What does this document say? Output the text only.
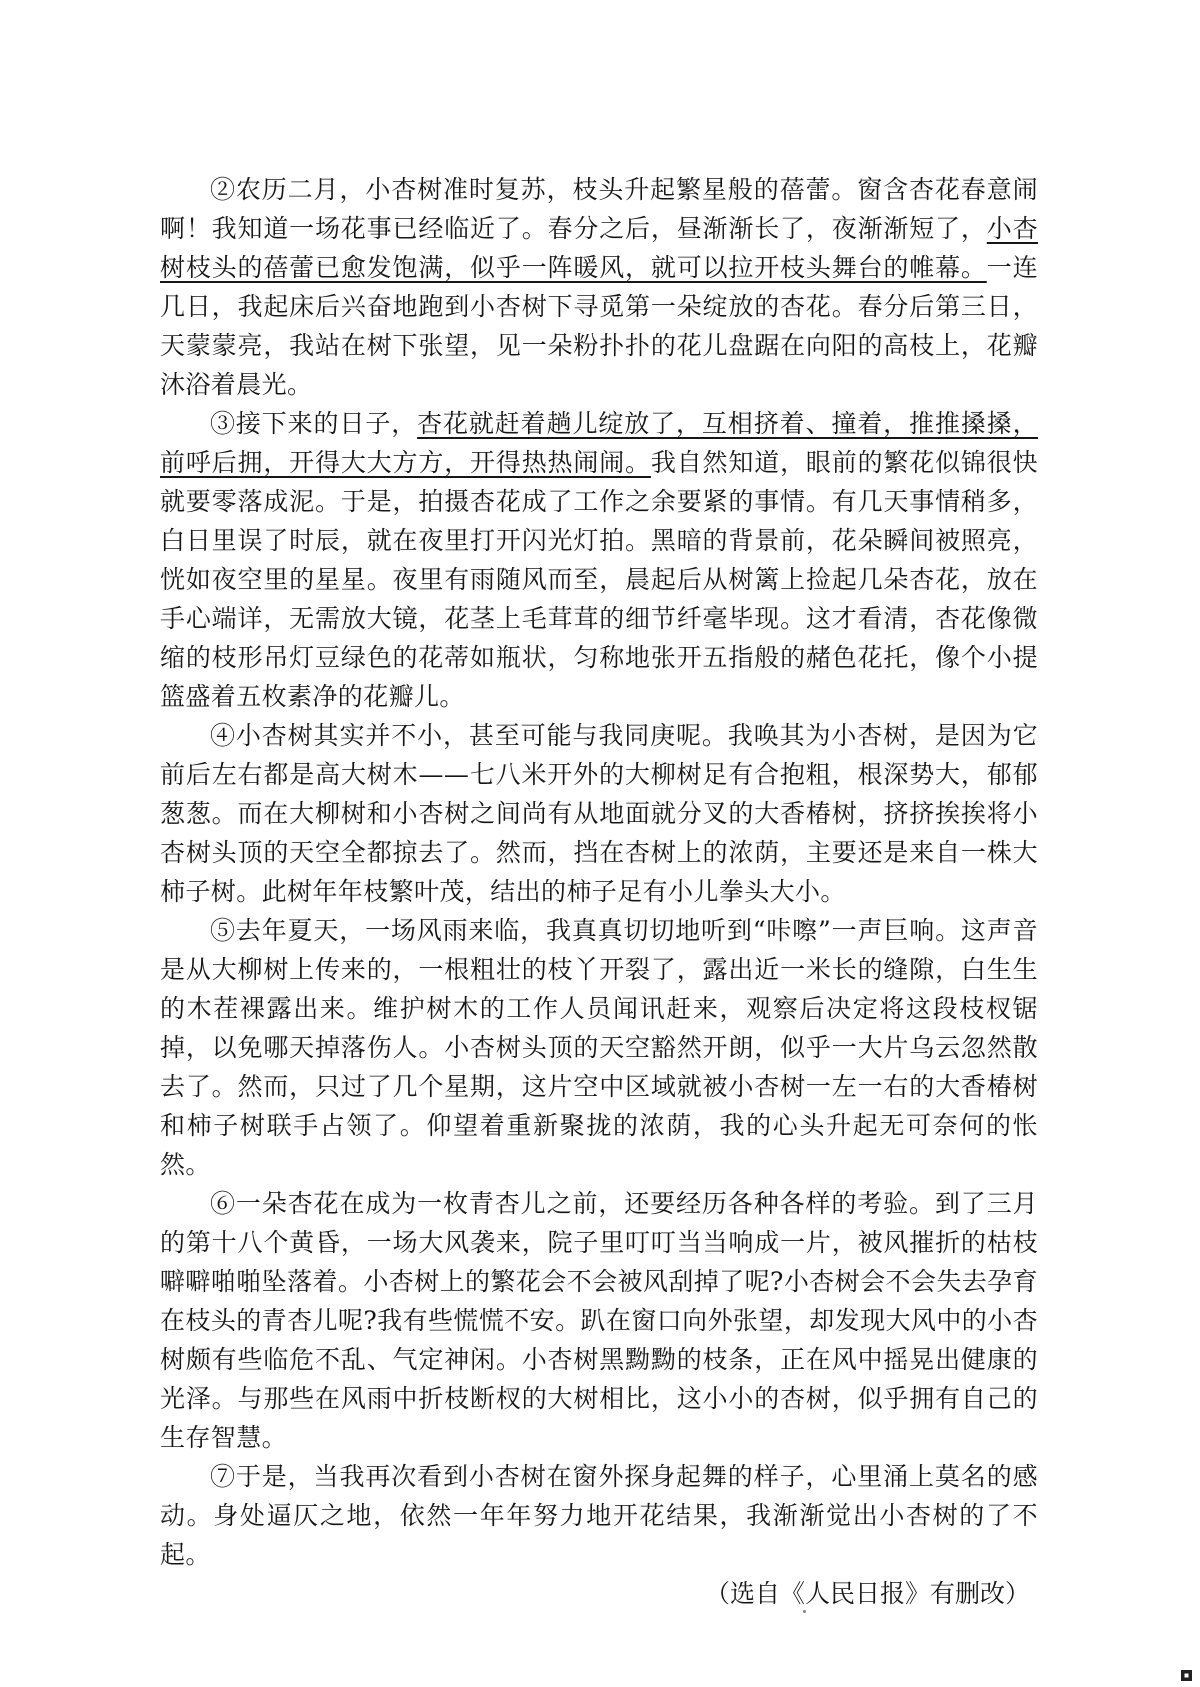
②农历二月，小杏树准时复苏，枝头升起繁星般的蓓蕾。窗含杏花春意闹啊！我知道一场花事已经临近了。春分之后，昼渐渐长了，夜渐渐短了，小杏树枝头的蓓蕾已愈发饱满，似乎一阵暖风，就可以拉开枝头舞台的帷幕。一连几日，我起床后兴奋地跑到小杏树下寻觅第一朵绽放的杏花。春分后第三日，天蒙蒙亮，我站在树下张望，见一朵粉扑扑的花儿盘踞在向阳的高枝上，花瓣沐浴着晨光。

③接下来的日子，杏花就赶着趟儿绽放了，互相挤着、撞着，推推搡搡，前呼后拥，开得大大方方，开得热热闹闹。我自然知道，眼前的繁花似锦很快就要零落成泥。于是，拍摄杏花成了工作之余要紧的事情。有几天事情稍多，白日里误了时辰，就在夜里打开闪光灯拍。黑暗的背景前，花朵瞬间被照亮，恍如夜空里的星星。夜里有雨随风而至，晨起后从树篱上捡起几朵杏花，放在手心端详，无需放大镜，花茎上毛茸茸的细节纤毫毕现。这才看清，杏花像微缩的枝形吊灯豆绿色的花蒂如瓶状，匀称地张开五指般的赭色花托，像个小提篮盛着五枚素净的花瓣儿。

④小杏树其实并不小，甚至可能与我同庚呢。我唤其为小杏树，是因为它前后左右都是高大树木——七八米开外的大柳树足有合抱粗，根深势大，郁郁葱葱。而在大柳树和小杏树之间尚有从地面就分叉的大香椿树，挤挤挨挨将小杏树头顶的天空全都掠去了。然而，挡在杏树上的浓荫，主要还是来自一株大柿子树。此树年年枝繁叶茂，结出的柿子足有小儿拳头大小。

⑤去年夏天，一场风雨来临，我真真切切地听到“咔嚓”一声巨响。这声音是从大柳树上传来的，一根粗壮的枝丫开裂了，露出近一米长的缝隙，白生生的木茬裸露出来。维护树木的工作人员闻讯赶来，观察后决定将这段枝杈锯掉，以免哪天掉落伤人。小杏树头顶的天空豁然开朗，似乎一大片乌云忽然散去了。然而，只过了几个星期，这片空中区域就被小杏树一左一右的大香椿树和柿子树联手占领了。仰望着重新聚拢的浓荫，我的心头升起无可奈何的怅然。

⑥一朵杏花在成为一枚青杏儿之前，还要经历各种各样的考验。到了三月的第十八个黄昏，一场大风袭来，院子里叮叮当当响成一片，被风摧折的枯枝噼噼啪啪坠落着。小杏树上的繁花会不会被风刮掉了呢?小杏树会不会失去孕育在枝头的青杏儿呢?我有些慌慌不安。趴在窗口向外张望，却发现大风中的小杏树颇有些临危不乱、气定神闲。小杏树黑黝黝的枝条，正在风中摇晃出健康的光泽。与那些在风雨中折枝断杈的大树相比，这小小的杏树，似乎拥有自己的生存智慧。

⑦于是，当我再次看到小杏树在窗外探身起舞的样子，心里涌上莫名的感动。身处逼仄之地，依然一年年努力地开花结果，我渐渐觉出小杏树的了不起。

（选自《人民日报》有删改）
